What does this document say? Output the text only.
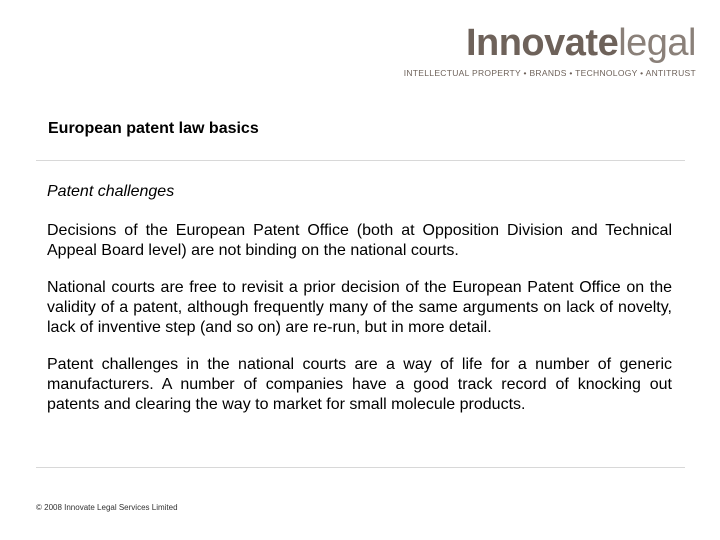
Innovatelegal
INTELLECTUAL PROPERTY • BRANDS • TECHNOLOGY • ANTITRUST
European patent law basics

Patent challenges

Decisions of the European Patent Office (both at Opposition Division and Technical Appeal Board level) are not binding on the national courts.

National courts are free to revisit a prior decision of the European Patent Office on the validity of a patent, although frequently many of the same arguments on lack of novelty, lack of inventive step (and so on) are re-run, but in more detail.

Patent challenges in the national courts are a way of life for a number of generic manufacturers. A number of companies have a good track record of knocking out patents and clearing the way to market for small molecule products.

© 2008 Innovate Legal Services Limited
